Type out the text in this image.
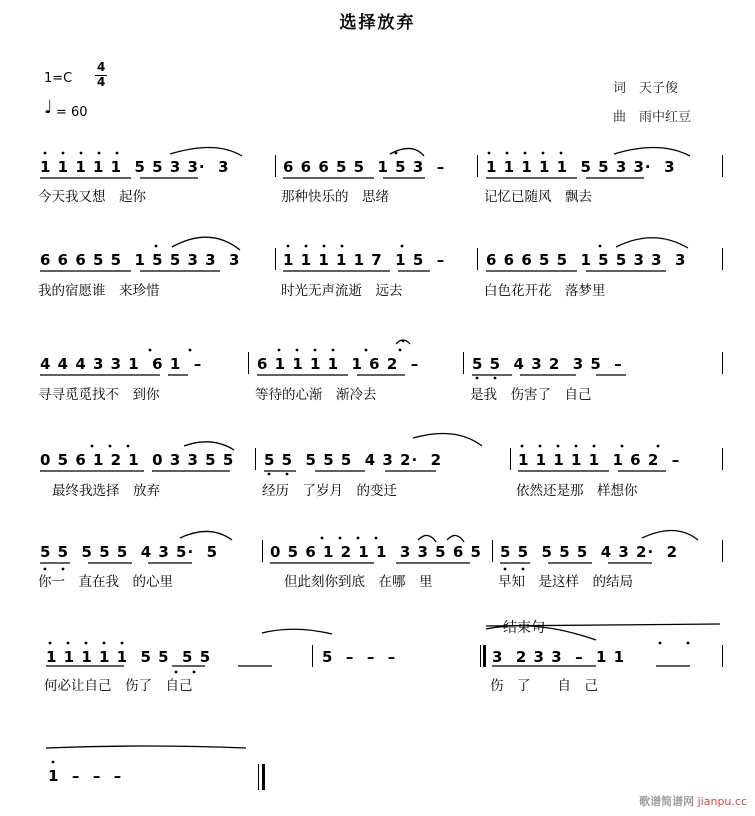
选择放弃
1=C
4
4
♩ = 60
词　天子俊
曲　雨中红豆
1 1 1 1 1  5 5 3 3·  3
今天我又想　起你
6 6 6 5 5  1 5 3  –
那种快乐的　思绪
1 1 1 1 1  5 5 3 3·  3
记忆已随风　飘去
6 6 6 5 5  1 5 5 3 3  3
我的宿愿谁　来珍惜
1 1 1 1 1 7  1 5  –
时光无声流逝　远去
6 6 6 5 5  1 5 5 3 3  3
白色花开花　落梦里
4 4 4 3 3 1  6 1  –
寻寻觅觅找不　到你
6 1 1 1 1  1 6 2  –
等待的心渐　渐冷去
5 5  4 3 2  3 5  –
是我　伤害了　自己
0 5 6 1 2 1  0 3 3 5 5
最终我选择　放弃
5 5  5 5 5  4 3 2·  2
经历　了岁月　的变迁
1 1 1 1 1  1 6 2  –
依然还是那　样想你
5 5  5 5 5  4 3 5·  5
你一　直在我　的心里
0 5 6 1 2 1 1  3 3 5 6 5
但此刻你到底　在哪　里
5 5  5 5 5  4 3 2·  2
早知　是这样　的结局
1 1 1 1 1  5 5  5 5
何必让自己　伤了　自己
5  –  –  –	3  2 3 3  –  1 1
伤　了　　自　己
结束句
1  –  –  –
歌谱简谱网 jianpu.cc
